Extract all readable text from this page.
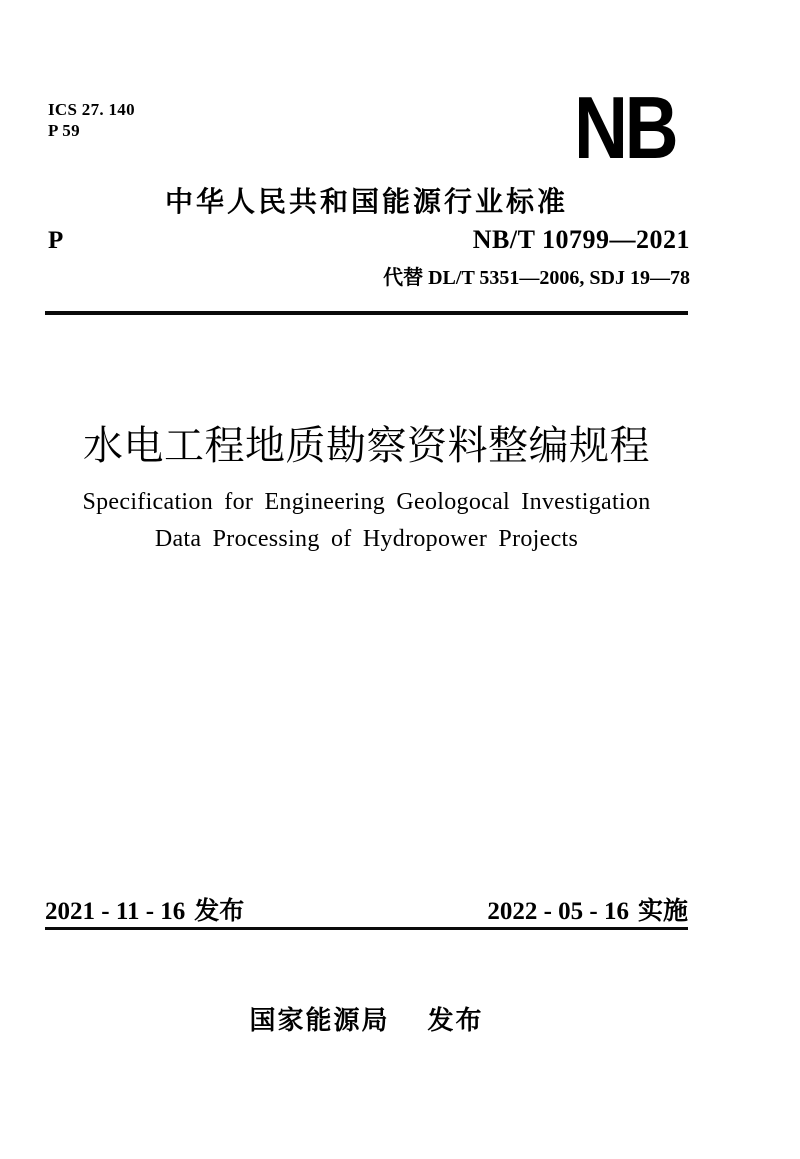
ICS 27. 140
P 59	NB
中华人民共和国能源行业标准
P	NB/T 10799—2021
代替 DL/T 5351—2006, SDJ 19—78
水电工程地质勘察资料整编规程
Specification for Engineering Geologocal Investigation
Data Processing of Hydropower Projects
2021 - 11 - 16 发布	2022 - 05 - 16 实施
国家能源局 发布
